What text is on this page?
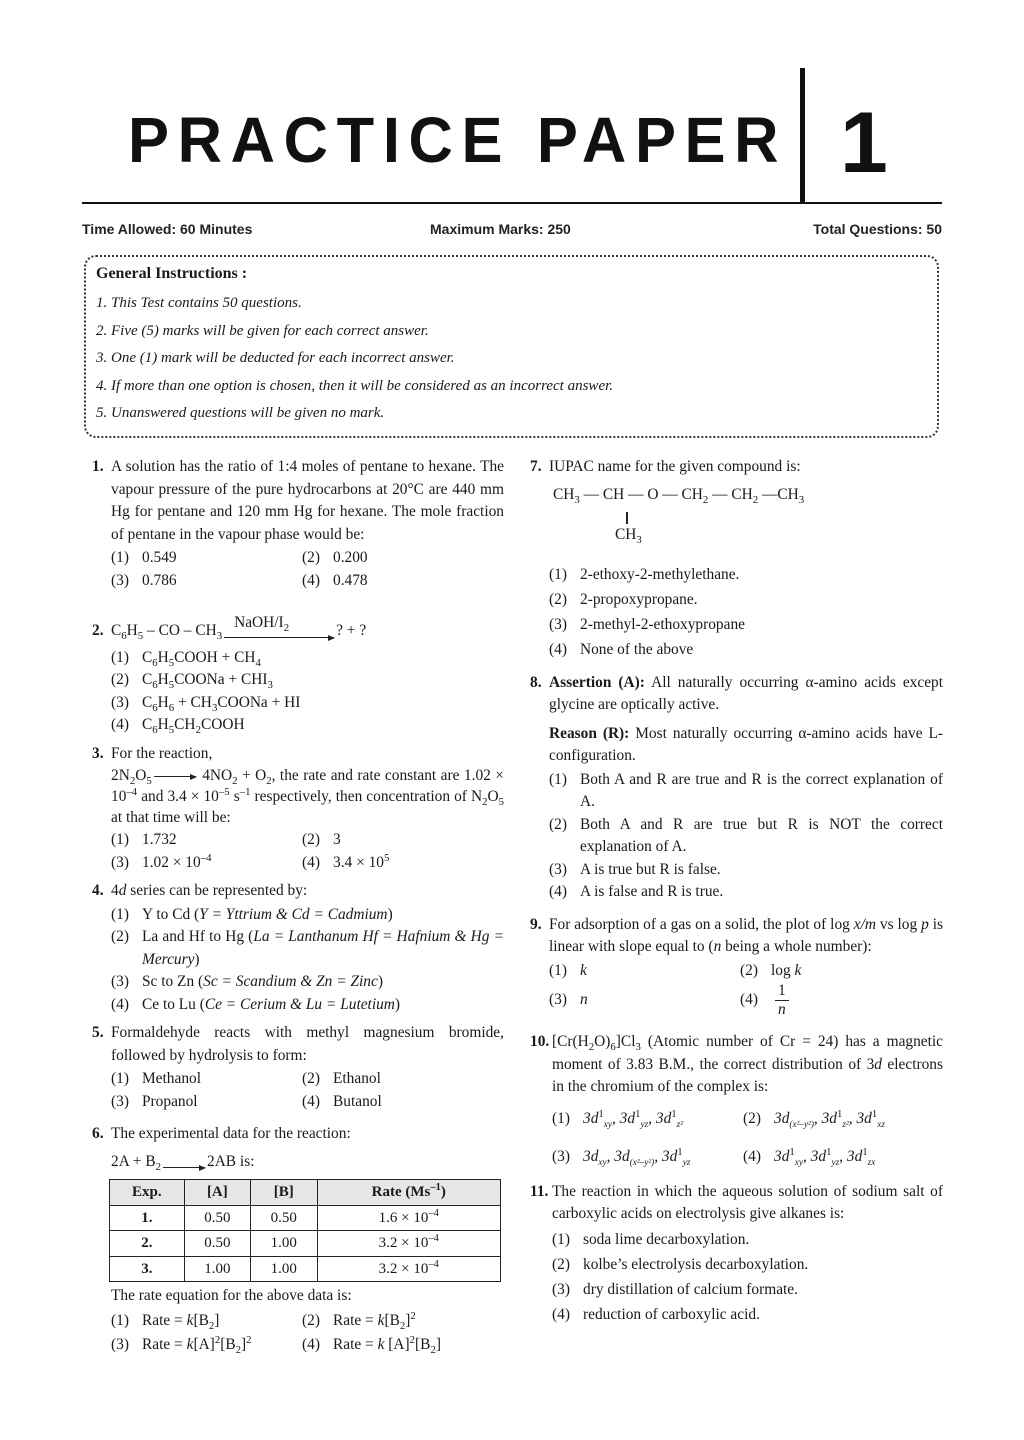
PRACTICE PAPER 1
Time Allowed: 60 Minutes	Maximum Marks: 250	Total Questions: 50
General Instructions :
1. This Test contains 50 questions.
2. Five (5) marks will be given for each correct answer.
3. One (1) mark will be deducted for each incorrect answer.
4. If more than one option is chosen, then it will be considered as an incorrect answer.
5. Unanswered questions will be given no mark.
1. A solution has the ratio of 1:4 moles of pentane to hexane. The vapour pressure of the pure hydrocarbons at 20°C are 440 mm Hg for pentane and 120 mm Hg for hexane. The mole fraction of pentane in the vapour phase would be:
(1) 0.549	(2) 0.200
(3) 0.786	(4) 0.478
2. $C_6H_5$ – CO – $CH_3$
NaOH/$I_2$	? + ?
(1) $C_6H_5COOH + CH_4$
(2) $C_6H_5COONa + CHI_3$
(3) $C_6H_6$ + $CH_3COONa$ + HI
(4) $C_6H_5CH_2COOH$
3. For the reaction,
$2N_2O_5$	$4NO_2 + O_2$, the rate and rate constant are $1.02 \times 10^{-4}$ and $3.4 \times 10^{-5}$ $s^{-1}$ respectively, then concentration of $N_2O_5$ at that time will be:
(1) 1.732	(2) 3
(3) $1.02 \times 10^{-4}$	(4) $3.4 \times 10^5$
4. 4d series can be represented by:
(1) Y to Cd (Y = Yttrium & Cd = Cadmium)
(2) La and Hf to Hg (La = Lanthanum Hf = Hafnium & Hg = Mercury)
(3) Sc to Zn (Sc = Scandium & Zn = Zinc)
(4) Ce to Lu (Ce = Cerium & Lu = Lutetium)
5. Formaldehyde reacts with methyl magnesium bromide, followed by hydrolysis to form:
(1) Methanol	(2) Ethanol
(3) Propanol	(4) Butanol
6. The experimental data for the reaction:
$2A + B_2$	2AB is:
Exp.	[A]	[B]	Rate $(Ms^{-1})$
1.	0.50	0.50	$1.6 \times 10^{-4}$
2.	0.50	1.00	$3.2 \times 10^{-4}$
3.	1.00	1.00	$3.2 \times 10^{-4}$
The rate equation for the above data is:
(1) Rate = $k[B_2]$	(2) Rate = $k[B_2]^2$
(3) Rate = $k[A]^2[B_2]^2$	(4) Rate = k $[A]^2[B_2]$
7. IUPAC name for the given compound is:
$CH_3$ — CH — O — $CH_2$ — $CH_2$ $—CH_3$
$CH_3$
(1) 2-ethoxy-2-methylethane.
(2) 2-propoxypropane.
(3) 2-methyl-2-ethoxypropane
(4) None of the above
8. Assertion (A): All naturally occurring α-amino acids except glycine are optically active.
Reason (R): Most naturally occurring α-amino acids have L-configuration.
(1) Both A and R are true and R is the correct explanation of A.
(2) Both A and R are true but R is NOT the correct explanation of A.
(3) A is true but R is false.
(4) A is false and R is true.
9. For adsorption of a gas on a solid, the plot of log x/m vs log p is linear with slope equal to (n being a whole number):
(1) k	(2) log k
(3) n	(4)	$\frac{1}{n}$
10. $[Cr(H_2O)_6]Cl_3$ (Atomic number of Cr = 24) has a magnetic moment of 3.83 B.M., the correct distribution of 3d electrons in the chromium of the complex is:
(1) $3d^1_{xy}$, $3d^1_{yz}$, $3d^1_{z^2}$	(2) $3d_{(x^2-y^2)}$, $3d^1_{z^2}$, $3d^1_{xz}$
(3) $3d_{xy}$, $3d_{(x^2-y^2)}$, $3d^1_{yz}$	(4) $3d^1_{xy}$, $3d^1_{yz}$, $3d^1_{zx}$
11. The reaction in which the aqueous solution of sodium salt of carboxylic acids on electrolysis give alkanes is:
(1) soda lime decarboxylation.
(2) kolbe’s electrolysis decarboxylation.
(3) dry distillation of calcium formate.
(4) reduction of carboxylic acid.
